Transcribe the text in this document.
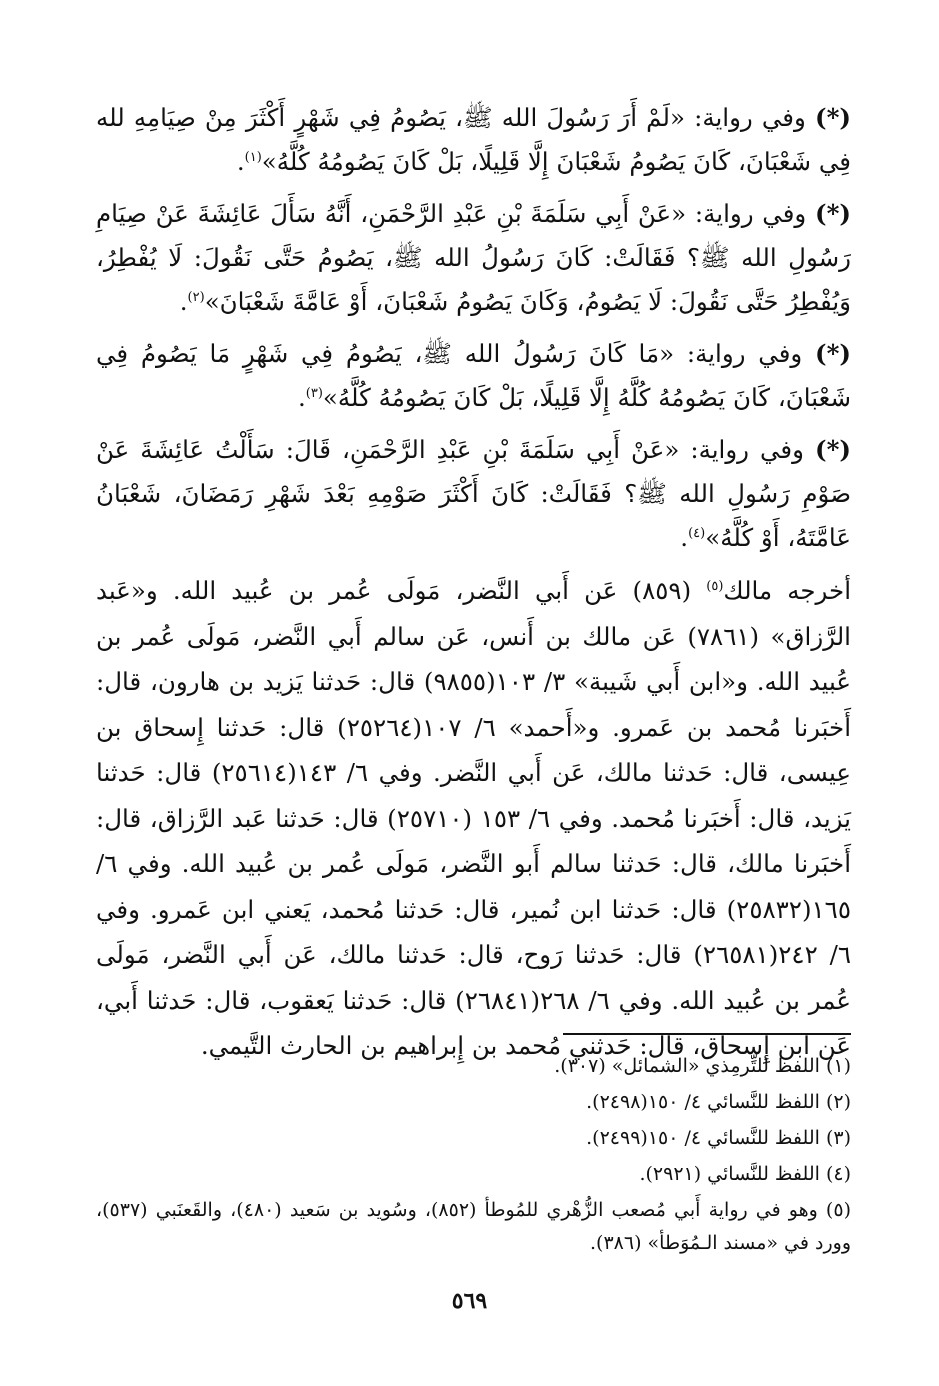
(*) وفي رواية: «لَمْ أَرَ رَسُولَ الله ﷺ، يَصُومُ فِي شَهْرٍ أَكْثَرَ مِنْ صِيَامِهِ لله فِي شَعْبَانَ، كَانَ يَصُومُ شَعْبَانَ إِلَّا قَلِيلًا، بَلْ كَانَ يَصُومُهُ كُلَّهُ»$^{(١)}$.

(*) وفي رواية: «عَنْ أَبِي سَلَمَةَ بْنِ عَبْدِ الرَّحْمَنِ، أَنَّهُ سَأَلَ عَائِشَةَ عَنْ صِيَامِ رَسُولِ الله ﷺ؟ فَقَالَتْ: كَانَ رَسُولُ الله ﷺ، يَصُومُ حَتَّى نَقُولَ: لَا يُفْطِرُ، وَيُفْطِرُ حَتَّى نَقُولَ: لَا يَصُومُ، وَكَانَ يَصُومُ شَعْبَانَ، أَوْ عَامَّةَ شَعْبَانَ»$^{(٢)}$.

(*) وفي رواية: «مَا كَانَ رَسُولُ الله ﷺ، يَصُومُ فِي شَهْرٍ مَا يَصُومُ فِي شَعْبَانَ، كَانَ يَصُومُهُ كُلَّهُ إِلَّا قَلِيلًا، بَلْ كَانَ يَصُومُهُ كُلَّهُ»$^{(٣)}$.

(*) وفي رواية: «عَنْ أَبِي سَلَمَةَ بْنِ عَبْدِ الرَّحْمَنِ، قَالَ: سَأَلْتُ عَائِشَةَ عَنْ صَوْمِ رَسُولِ الله ﷺ؟ فَقَالَتْ: كَانَ أَكْثَرَ صَوْمِهِ بَعْدَ شَهْرِ رَمَضَانَ، شَعْبَانُ عَامَّتَهُ، أَوْ كُلَّهُ»$^{(٤)}$.

أخرجه مالك$^{(٥)}$ (٨٥٩) عَن أَبي النَّضر، مَولَى عُمر بن عُبيد الله. و«عَبد الرَّزاق» (٧٨٦١) عَن مالك بن أَنس، عَن سالم أَبي النَّضر، مَولَى عُمر بن عُبيد الله. و«ابن أَبي شَيبة» ٣/ ١٠٣(٩٨٥٥) قال: حَدثنا يَزيد بن هارون، قال: أَخبَرنا مُحمد بن عَمرو. و«أَحمد» ٦/ ١٠٧(٢٥٢٦٤) قال: حَدثنا إِسحاق بن عِيسى، قال: حَدثنا مالك، عَن أَبي النَّضر. وفي ٦/ ١٤٣(٢٥٦١٤) قال: حَدثنا يَزيد، قال: أَخبَرنا مُحمد. وفي ٦/ ١٥٣ (٢٥٧١٠) قال: حَدثنا عَبد الرَّزاق، قال: أَخبَرنا مالك، قال: حَدثنا سالم أَبو النَّضر، مَولَى عُمر بن عُبيد الله. وفي ٦/ ١٦٥(٢٥٨٣٢) قال: حَدثنا ابن نُمير، قال: حَدثنا مُحمد، يَعني ابن عَمرو. وفي ٦/ ٢٤٢(٢٦٥٨١) قال: حَدثنا رَوح، قال: حَدثنا مالك، عَن أَبي النَّضر، مَولَى عُمر بن عُبيد الله. وفي ٦/ ٢٦٨(٢٦٨٤١) قال: حَدثنا يَعقوب، قال: حَدثنا أَبي، عَن ابن إِسحاق، قال: حَدثني مُحمد بن إِبراهيم بن الحارث التَّيمي.

(١) اللفظ للتِّرمِذي «الشمائل» (٣٠٧).

(٢) اللفظ للنَّسائي ٤/ ١٥٠(٢٤٩٨).

(٣) اللفظ للنَّسائي ٤/ ١٥٠(٢٤٩٩).

(٤) اللفظ للنَّسائي (٢٩٢١).

(٥) وهو في رواية أَبي مُصعب الزُّهْري للمُوطأ (٨٥٢)، وسُويد بن سَعيد (٤٨٠)، والقَعنَبي (٥٣٧)، وورد في «مسند الـمُوَطأ» (٣٨٦).

٥٦٩
